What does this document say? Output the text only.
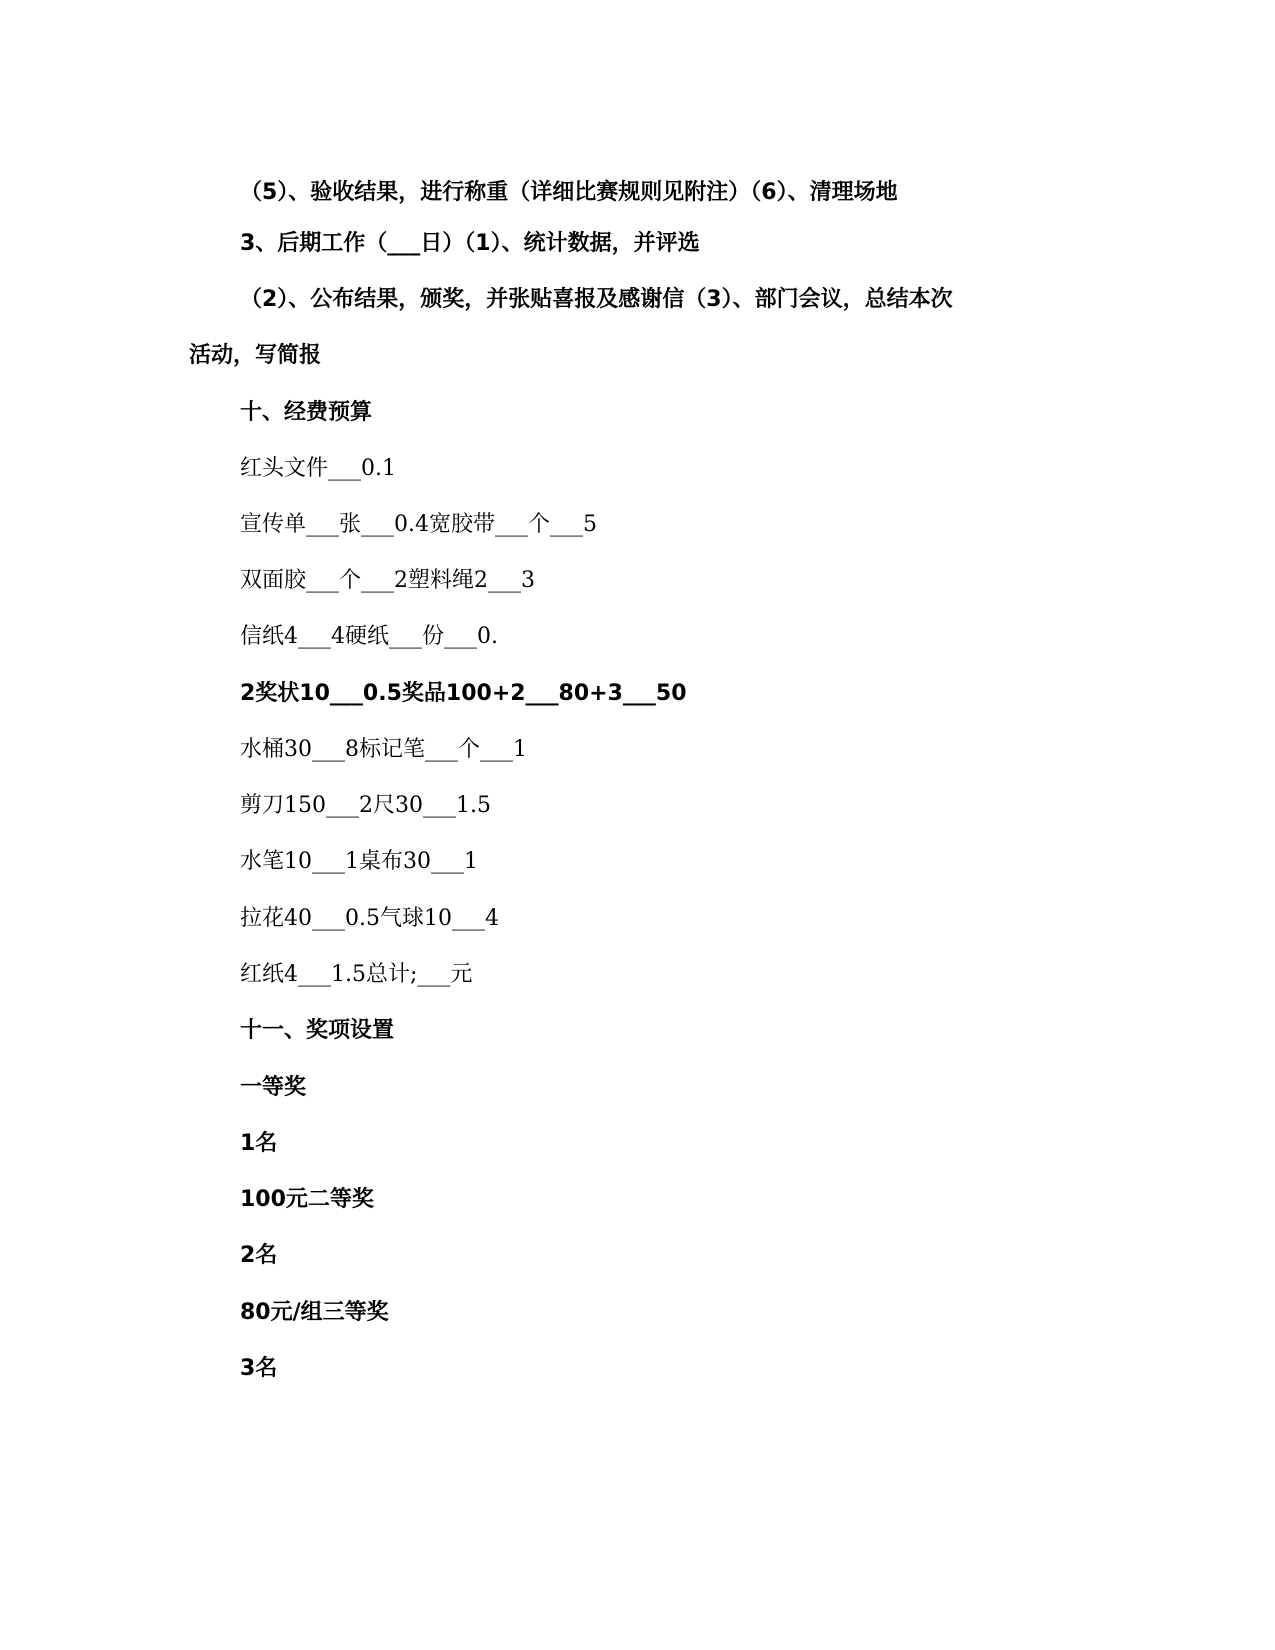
（5）、验收结果，进行称重（详细比赛规则见附注）（6）、清理场地
3、后期工作（___日）（1）、统计数据，并评选
（2）、公布结果，颁奖，并张贴喜报及感谢信（3）、部门会议，总结本次
活动，写简报
十、经费预算
红头文件___0.1
宣传单___张___0.4宽胶带___个___5
双面胶___个___2塑料绳2___3
信纸4___4硬纸___份___0.
2奖状10___0.5奖品100+2___80+3___50
水桶30___8标记笔___个___1
剪刀150___2尺30___1.5
水笔10___1桌布30___1
拉花40___0.5气球10___4
红纸4___1.5总计;___元
十一、奖项设置
一等奖
1名
100元二等奖
2名
80元/组三等奖
3名
